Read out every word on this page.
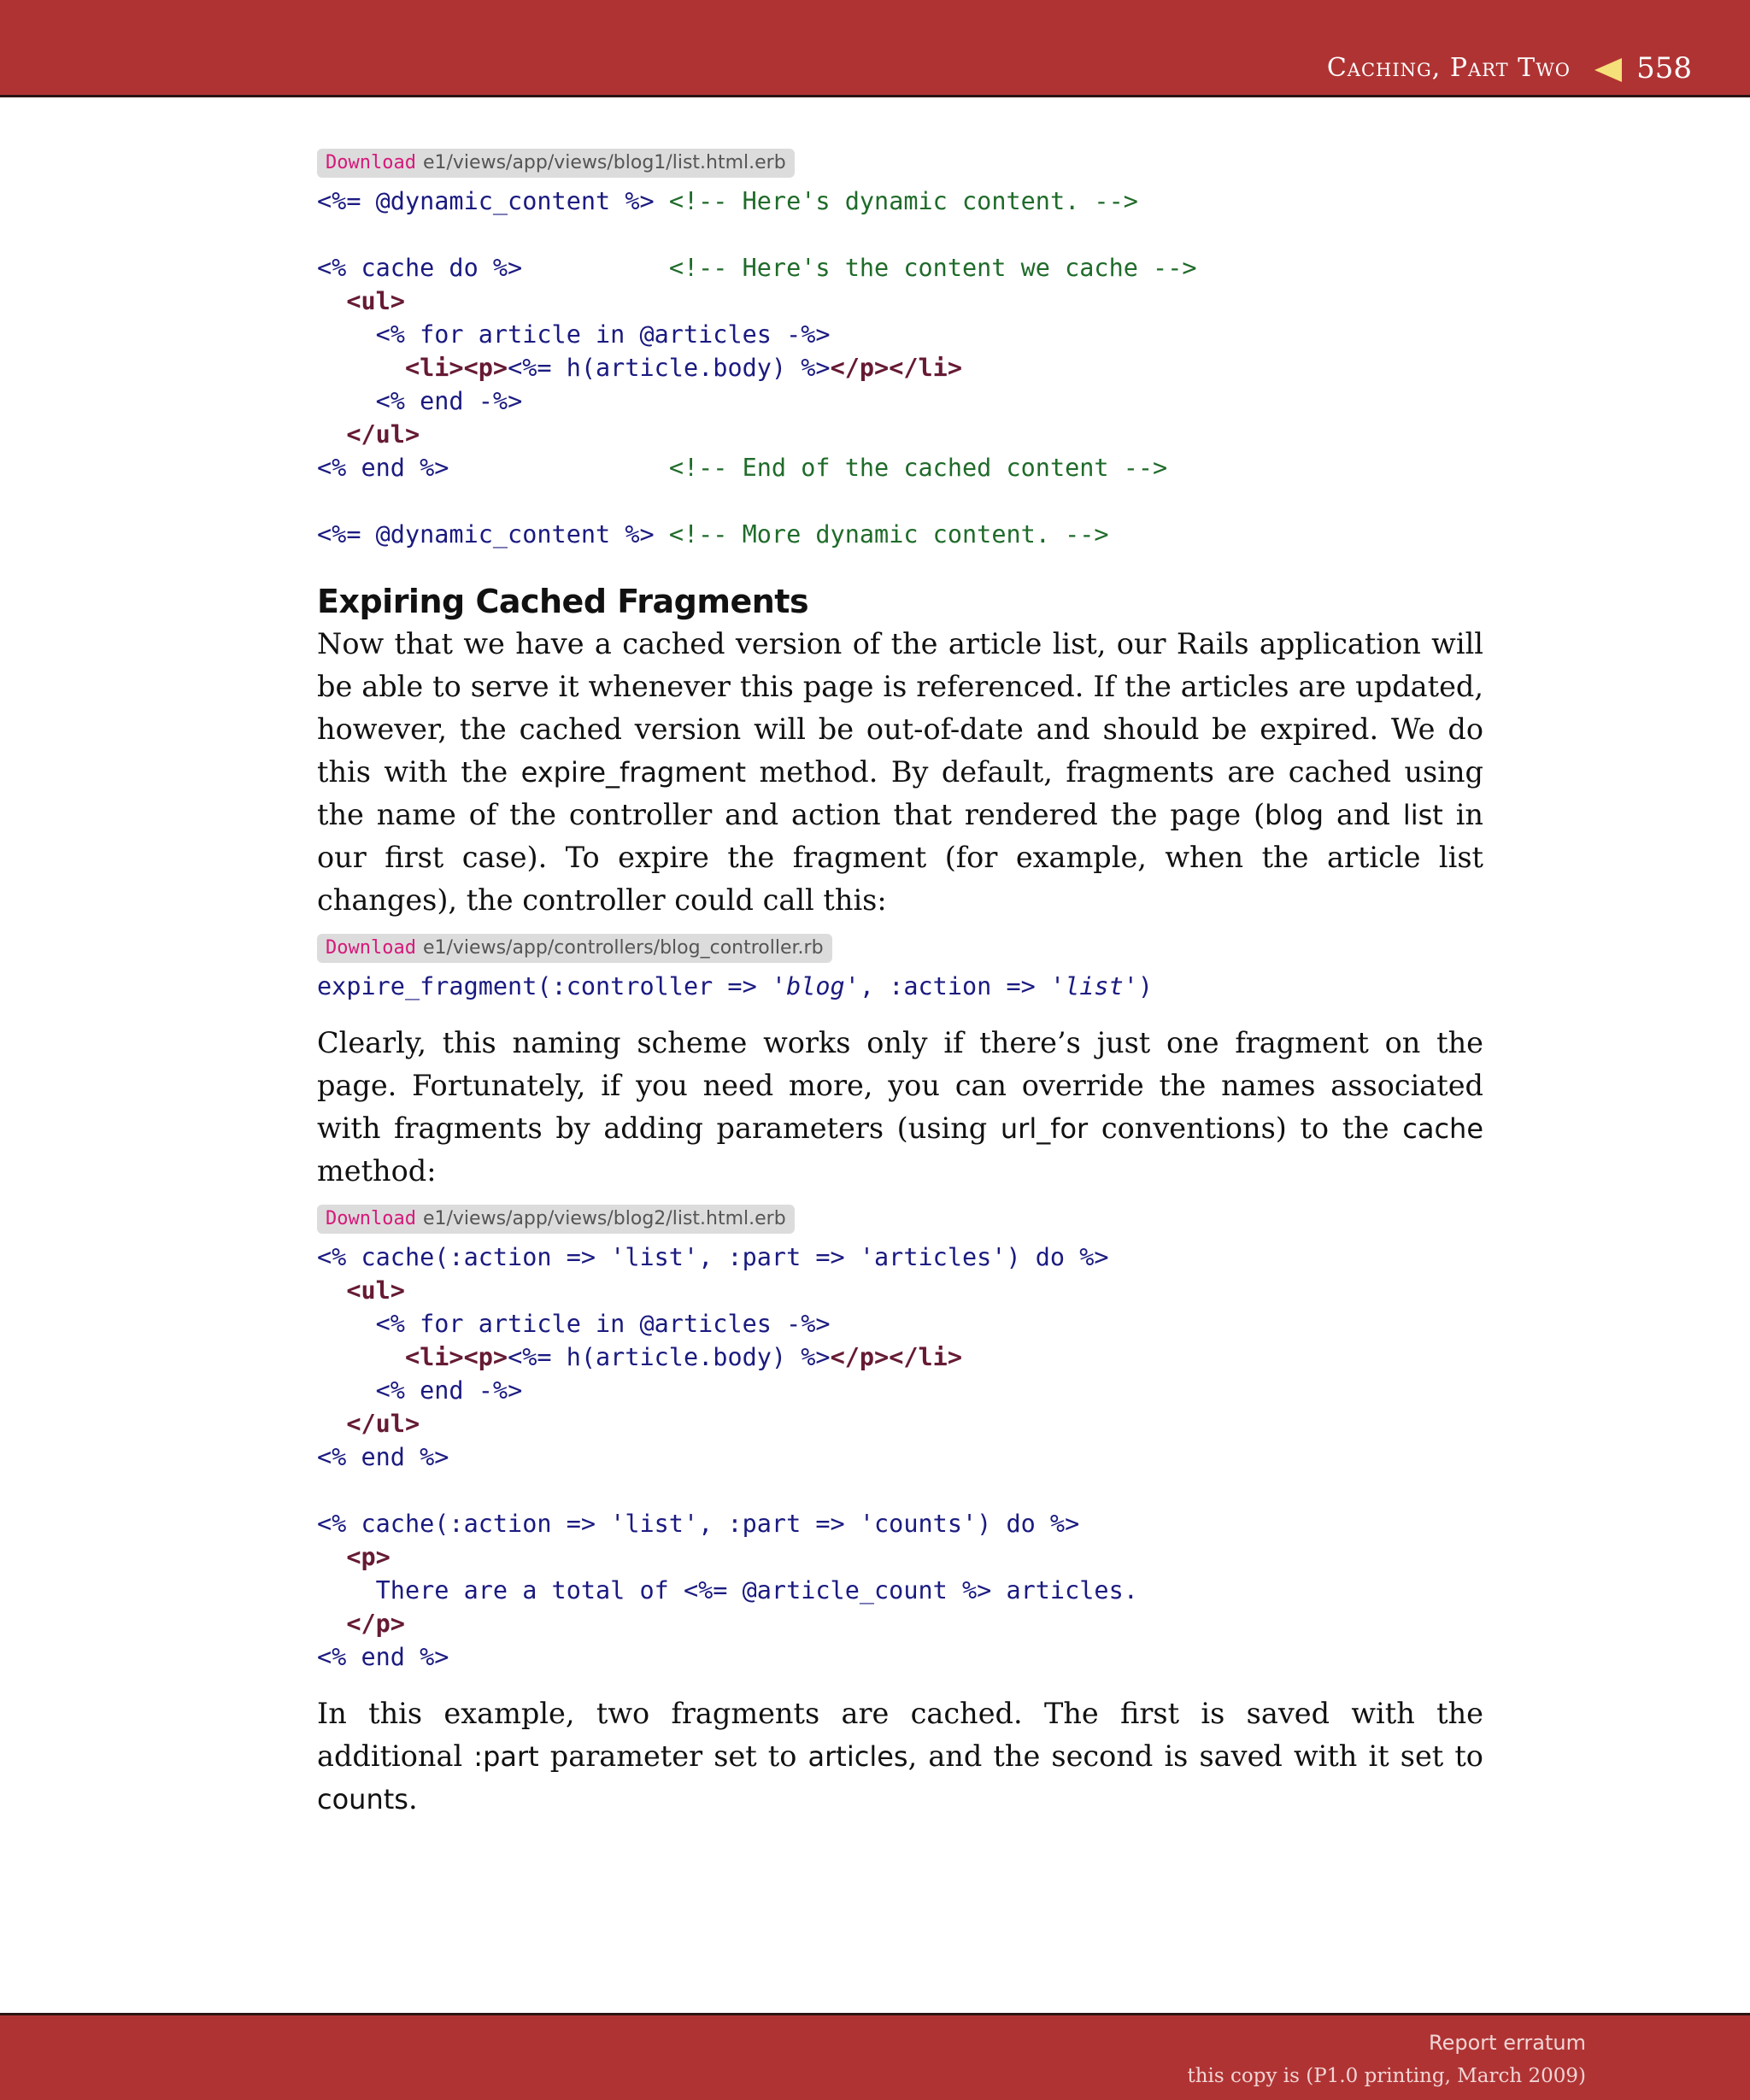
Caching, Part Two 558
Download e1/views/app/views/blog1/list.html.erb
<%= @dynamic_content %> <!-- Here's dynamic content. -->

<% cache do %>	<!-- Here's the content we cache -->
<ul>
<% for article in @articles -%>
<li><p><%= h(article.body) %></p></li>
<% end -%>
</ul>
<% end %>	<!-- End of the cached content -->

<%= @dynamic_content %> <!-- More dynamic content. -->
Expiring Cached Fragments

Now that we have a cached version of the article list, our Rails application will be able to serve it whenever this page is referenced. If the articles are updated, however, the cached version will be out-of-date and should be expired. We do this with the expire_fragment method. By default, fragments are cached using the name of the controller and action that rendered the page (blog and list in our first case). To expire the fragment (for example, when the article list changes), the controller could call this:

Download e1/views/app/controllers/blog_controller.rb
expire_fragment(:controller => 'blog', :action => 'list')

Clearly, this naming scheme works only if there’s just one fragment on the page. Fortunately, if you need more, you can override the names associated with fragments by adding parameters (using url_for conventions) to the cache method:

Download e1/views/app/views/blog2/list.html.erb
<% cache(:action => 'list', :part => 'articles') do %>
<ul>
<% for article in @articles -%>
<li><p><%= h(article.body) %></p></li>
<% end -%>
</ul>
<% end %>

<% cache(:action => 'list', :part => 'counts') do %>
<p>
There are a total of <%= @article_count %> articles.
</p>
<% end %>

In this example, two fragments are cached. The first is saved with the additional :part parameter set to articles, and the second is saved with it set to counts.

Report erratum
this copy is (P1.0 printing, March 2009)
